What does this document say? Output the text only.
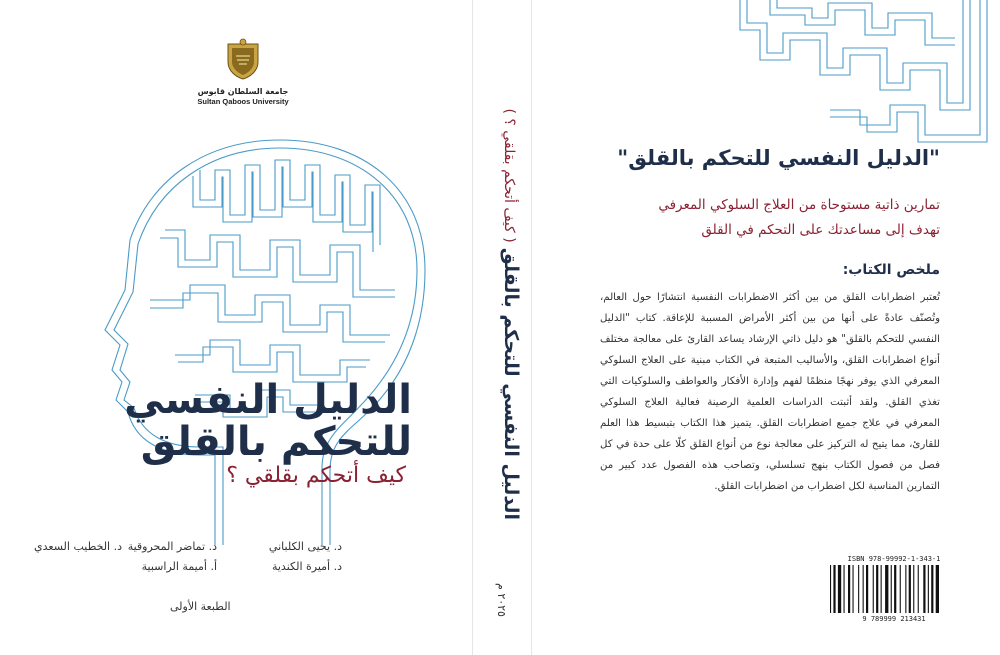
جامعة السلطان قابوس
Sultan Qaboos University
الدليل النفسي
للتحكم بالقلق
كيف أتحكم بقلقي ؟
د. يحيى الكلباني
د. أميرة الكندية
د. تماضر المحروقية
أ. أميمة الراسبية
د. الخطيب السعدي
الطبعة الأولى
الدليل النفسي للتحكم بالقلق ( كيف أتحكم بقلقي ؟ )
٢٠٢٥ م
"الدليل النفسي للتحكم بالقلق"
تمارين ذاتية مستوحاة من العلاج السلوكي المعرفي
تهدف إلى مساعدتك على التحكم في القلق
ملخص الكتاب:
تُعتبر اضطرابات القلق من بين أكثر الاضطرابات النفسية انتشارًا حول العالم، وتُصنّف عادةً على أنها من بين أكثر الأمراض المسببة للإعاقة. كتاب "الدليل النفسي للتحكم بالقلق" هو دليل ذاتي الإرشاد يساعد القارئ على معالجة مختلف أنواع اضطرابات القلق، والأساليب المتبعة في الكتاب مبنية على العلاج السلوكي المعرفي الذي يوفر نهجًا منظمًا لفهم وإدارة الأفكار والعواطف والسلوكيات التي تغذي القلق. ولقد أثبتت الدراسات العلمية الرصينة فعالية العلاج السلوكي المعرفي في علاج جميع اضطرابات القلق. يتميز هذا الكتاب بتبسيط هذا العلم للقارئ، مما يتيح له التركيز على معالجة نوع من أنواع القلق كلًا على حدة في كل فصل من فصول الكتاب بنهج تسلسلي، وتصاحب هذه الفصول عدد كبير من التمارين المناسبة لكل اضطراب من اضطرابات القلق.
ISBN 978-99992-1-343-1
9 789999 213431
